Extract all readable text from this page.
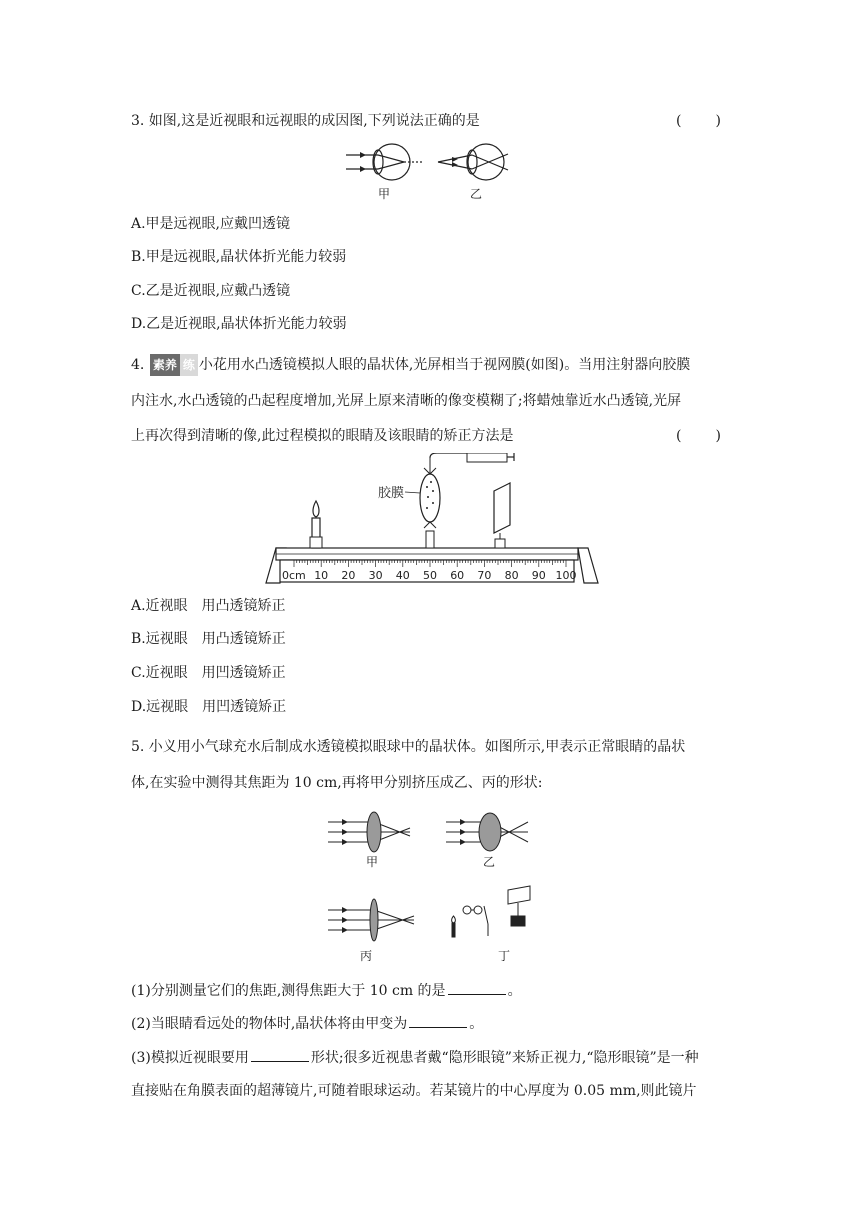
3. 如图,这是近视眼和远视眼的成因图,下列说法正确的是	(　　)
甲	乙
A.甲是远视眼,应戴凹透镜
B.甲是远视眼,晶状体折光能力较弱
C.乙是近视眼,应戴凸透镜
D.乙是近视眼,晶状体折光能力较弱
4. 素养 练 小花用水凸透镜模拟人眼的晶状体,光屏相当于视网膜(如图)。当用注射器向胶膜
内注水,水凸透镜的凸起程度增加,光屏上原来清晰的像变模糊了;将蜡烛靠近水凸透镜,光屏
上再次得到清晰的像,此过程模拟的眼睛及该眼睛的矫正方法是	(　　)
0cm 10 20 30 40 50 60 70 80 90 100
胶膜
A.近视眼　用凸透镜矫正
B.远视眼　用凸透镜矫正
C.近视眼　用凹透镜矫正
D.远视眼　用凹透镜矫正
5. 小义用小气球充水后制成水透镜模拟眼球中的晶状体。如图所示,甲表示正常眼睛的晶状
体,在实验中测得其焦距为 10 cm,再将甲分别挤压成乙、丙的形状:
甲	乙
丙	丁
(1)分别测量它们的焦距,测得焦距大于 10 cm 的是	。
(2)当眼睛看远处的物体时,晶状体将由甲变为	。
(3)模拟近视眼要用	形状;很多近视患者戴“隐形眼镜”来矫正视力,“隐形眼镜”是一种
直接贴在角膜表面的超薄镜片,可随着眼球运动。若某镜片的中心厚度为 0.05 mm,则此镜片
